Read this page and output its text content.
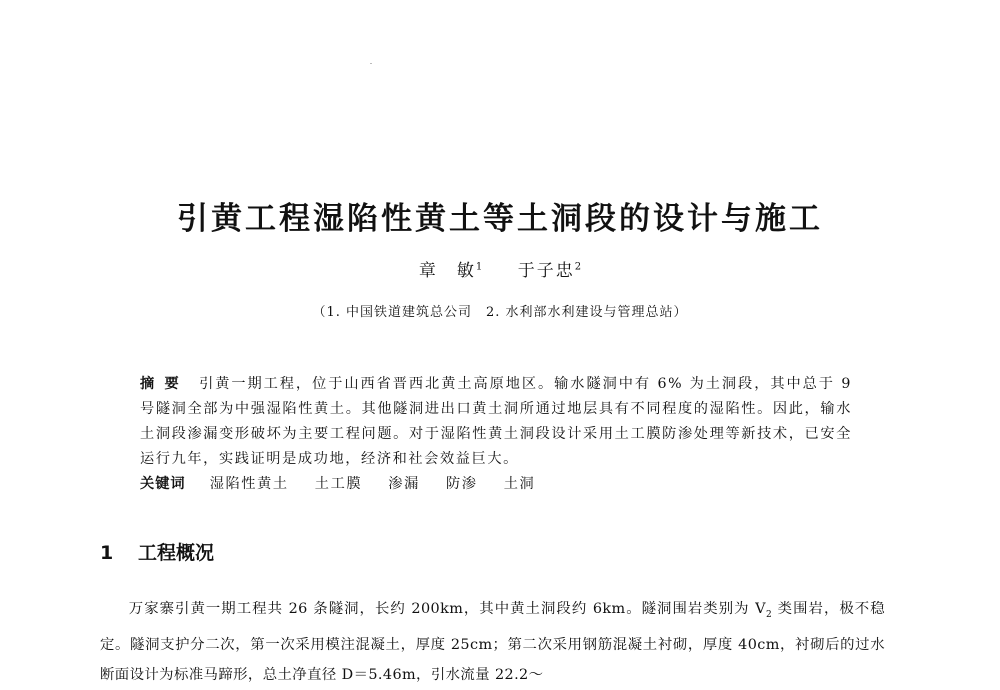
引黄工程湿陷性黄土等土洞段的设计与施工
章　敏$^1$ 于子忠$^2$
（1. 中国铁道建筑总公司　2. 水利部水利建设与管理总站）
摘要 引黄一期工程，位于山西省晋西北黄土高原地区。输水隧洞中有 6% 为土洞段，其中总于 9 号隧洞全部为中强湿陷性黄土。其他隧洞进出口黄土洞所通过地层具有不同程度的湿陷性。因此，输水土洞段渗漏变形破坏为主要工程问题。对于湿陷性黄土洞段设计采用土工膜防渗处理等新技术，已安全运行九年，实践证明是成功地，经济和社会效益巨大。
关键词 湿陷性黄土 土工膜 渗漏 防渗 土洞
1 工程概况
万家寨引黄一期工程共 26 条隧洞，长约 200km，其中黄土洞段约 6km。隧洞围岩类别为 $V_2$ 类围岩，极不稳定。隧洞支护分二次，第一次采用模注混凝土，厚度 25cm；第二次采用钢筋混凝土衬砌，厚度 40cm，衬砌后的过水断面设计为标准马蹄形，总土净直径 D＝5.46m，引水流量 22.2～
